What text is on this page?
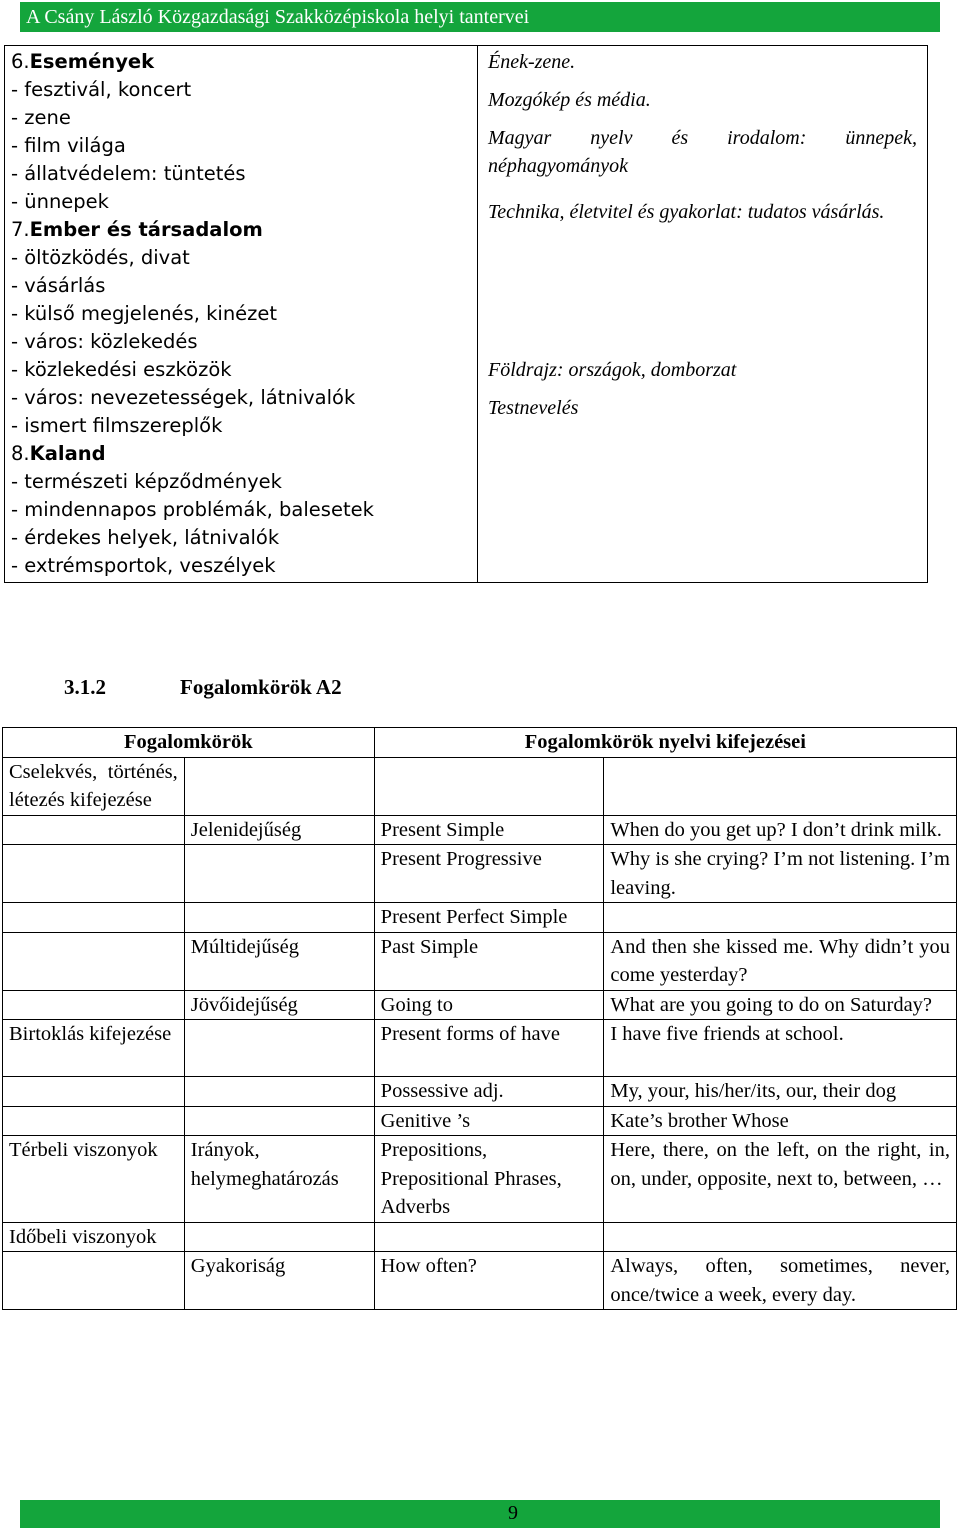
A Csány László Közgazdasági Szakközépiskola helyi tantervei
6.Események
- fesztivál, koncert
- zene
- film világa
- állatvédelem: tüntetés
- ünnepek
7.Ember és társadalom
- öltözködés, divat
- vásárlás
- külső megjelenés, kinézet
- város: közlekedés
- közlekedési eszközök
- város: nevezetességek, látnivalók
- ismert filmszereplők
8.Kaland
- természeti képződmények
- mindennapos problémák, balesetek
- érdekes helyek, látnivalók
- extrémsportok, veszélyek

Ének-zene.
Mozgókép és média.
Magyar nyelv és irodalom: ünnepek, néphagyományok
Technika, életvitel és gyakorlat: tudatos vásárlás.
Földrajz: országok, domborzat
Testnevelés
3.1.2	Fogalomkörök A2
Fogalomkörök		Fogalomkörök nyelvi kifejezései	
Cselekvés, történés, létezés kifejezése			
	Jelenidejűség	Present Simple	When do you get up? I don’t drink milk.
		Present Progressive	Why is she crying? I’m not listening. I’m leaving.
		Present Perfect Simple	
	Múltidejűség	Past Simple	And then she kissed me. Why didn’t you come yesterday?
	Jövőidejűség	Going to	What are you going to do on Saturday?
Birtoklás kifejezése		Present forms of have	I have five friends at school.
		Possessive adj.	My, your, his/her/its, our, their dog
		Genitive ’s	Kate’s brother Whose
Térbeli viszonyok	Irányok, helymeghatározás	Prepositions, Prepositional Phrases, Adverbs	Here, there, on the left, on the right, in, on, under, opposite, next to, between, …
Időbeli viszonyok			
	Gyakoriság	How often?	Always, often, sometimes, never, once/twice a week, every day.
9
